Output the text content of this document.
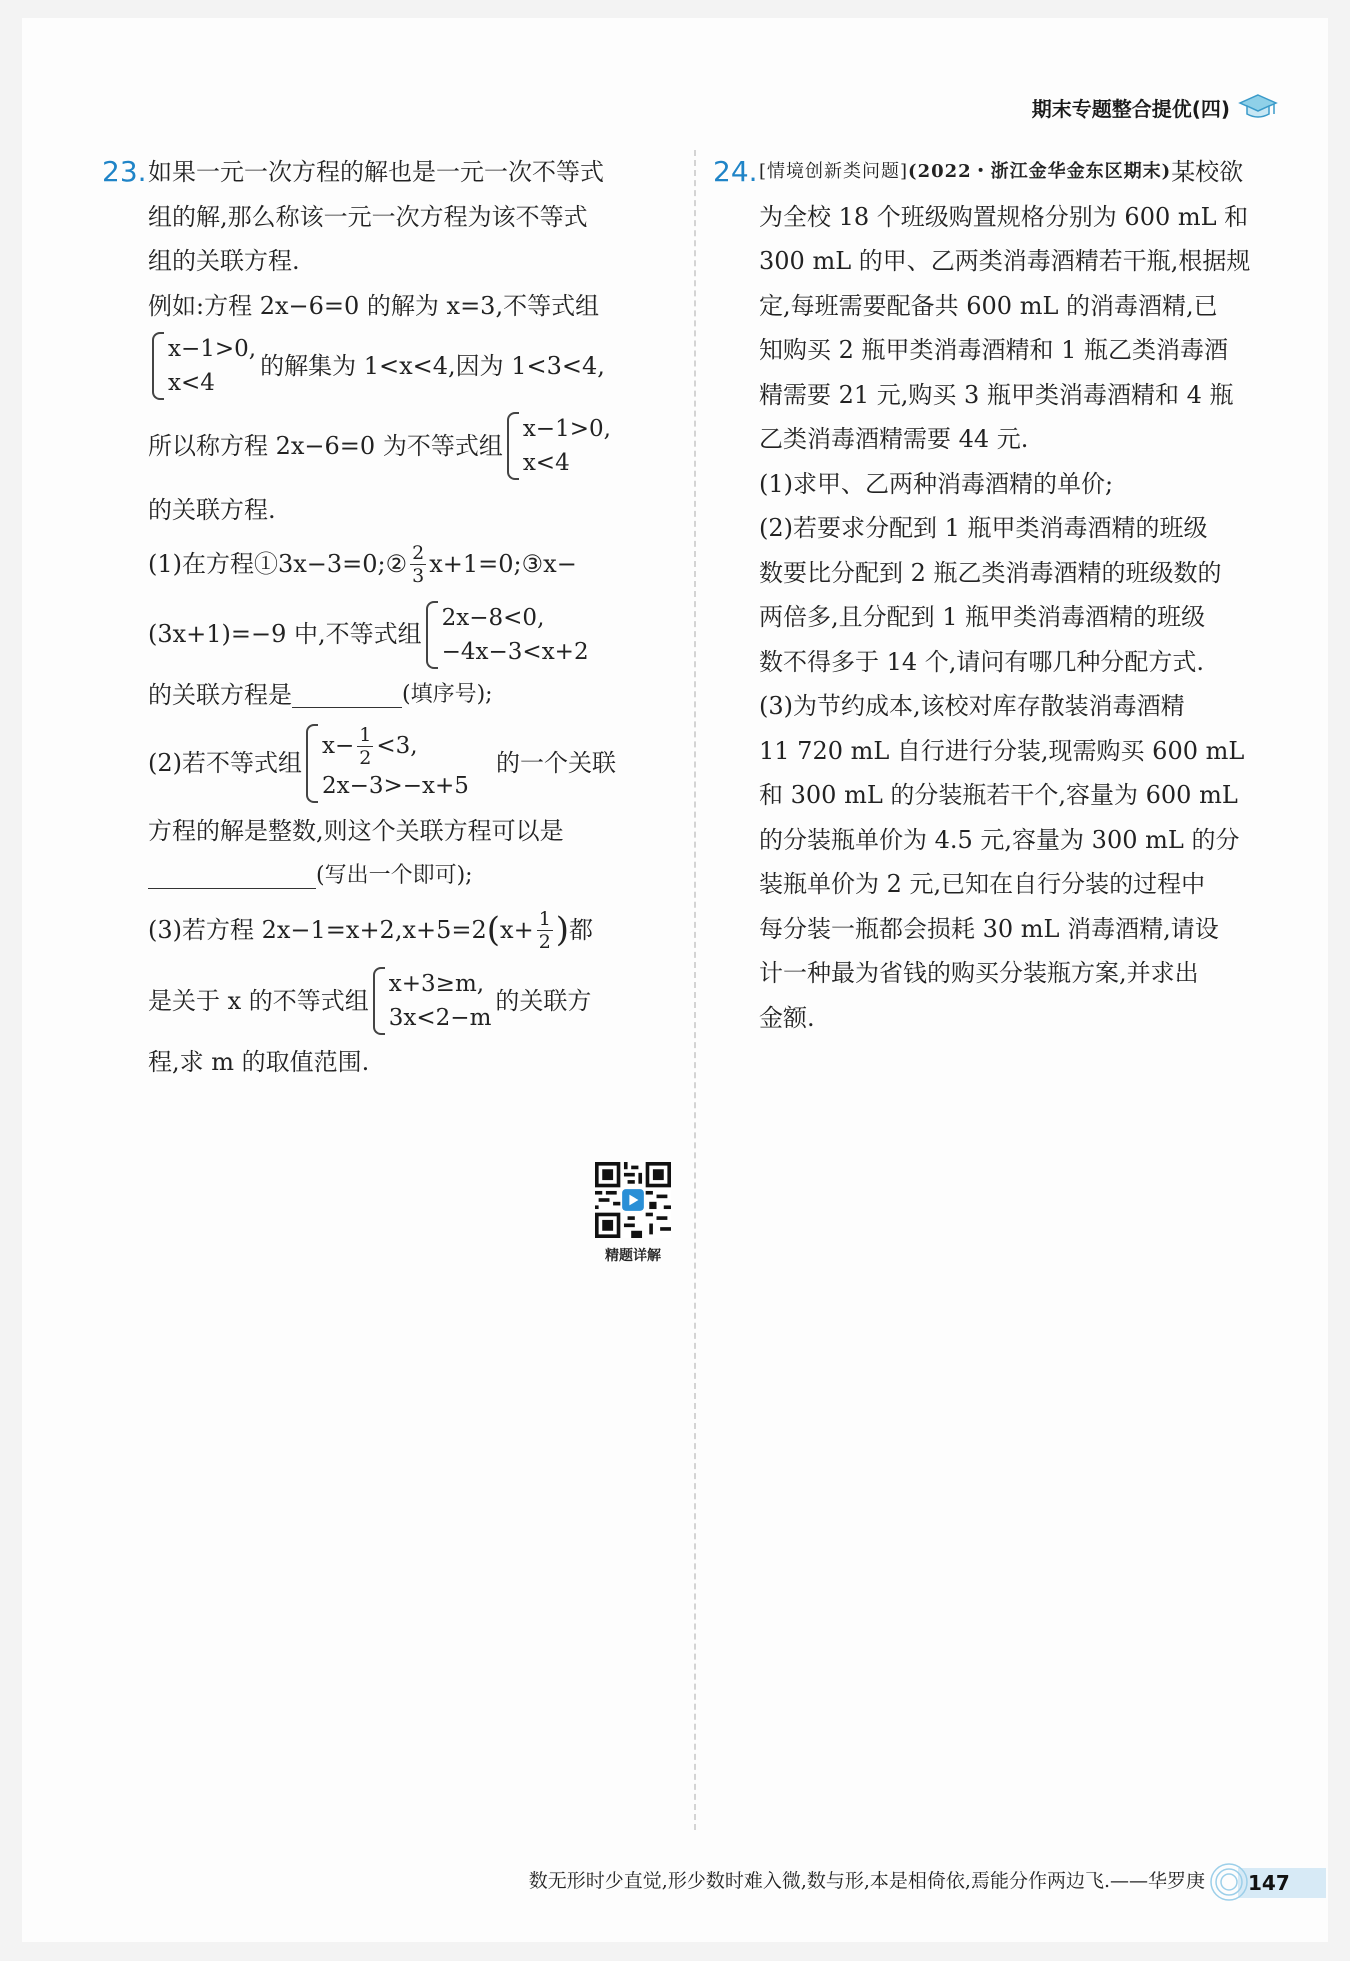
期末专题整合提优(四)
23. 如果一元一次方程的解也是一元一次不等式
组的解,那么称该一元一次方程为该不等式
组的关联方程.
例如:方程 2x−6=0 的解为 x=3,不等式组
x−1>0,
x<4
的解集为 1<x<4,因为 1<3<4,
所以称方程 2x−6=0 为不等式组
x−1>0,
x<4
的关联方程.
(1)在方程①3x−3=0;② $\frac{2}{3}$ x+1=0;③x−
(3x+1)=−9 中,不等式组
2x−8<0,
−4x−3<x+2
的关联方程是	(填序号);
(2)若不等式组
$x- \frac{1}{2} <3$,
2x−3>−x+5
的一个关联
方程的解是整数,则这个关联方程可以是
(写出一个即可);
(3)若方程 2x−1=x+2,x+5=2 ( $x+ \frac{1}{2}$ ) 都
是关于 x 的不等式组
x+3≥m,
3x<2−m
的关联方
程,求 m 的取值范围.
精题详解
24. [情境创新类问题] (2022・浙江金华金东区期末) 某校欲
为全校 18 个班级购置规格分别为 600 mL 和
300 mL 的甲、乙两类消毒酒精若干瓶,根据规
定,每班需要配备共 600 mL 的消毒酒精,已
知购买 2 瓶甲类消毒酒精和 1 瓶乙类消毒酒
精需要 21 元,购买 3 瓶甲类消毒酒精和 4 瓶
乙类消毒酒精需要 44 元.
(1)求甲、乙两种消毒酒精的单价;
(2)若要求分配到 1 瓶甲类消毒酒精的班级
数要比分配到 2 瓶乙类消毒酒精的班级数的
两倍多,且分配到 1 瓶甲类消毒酒精的班级
数不得多于 14 个,请问有哪几种分配方式.
(3)为节约成本,该校对库存散装消毒酒精
11 720 mL 自行进行分装,现需购买 600 mL
和 300 mL 的分装瓶若干个,容量为 600 mL
的分装瓶单价为 4.5 元,容量为 300 mL 的分
装瓶单价为 2 元,已知在自行分装的过程中
每分装一瓶都会损耗 30 mL 消毒酒精,请设
计一种最为省钱的购买分装瓶方案,并求出
金额.
数无形时少直觉,形少数时难入微,数与形,本是相倚依,焉能分作两边飞.——华罗庚 147
